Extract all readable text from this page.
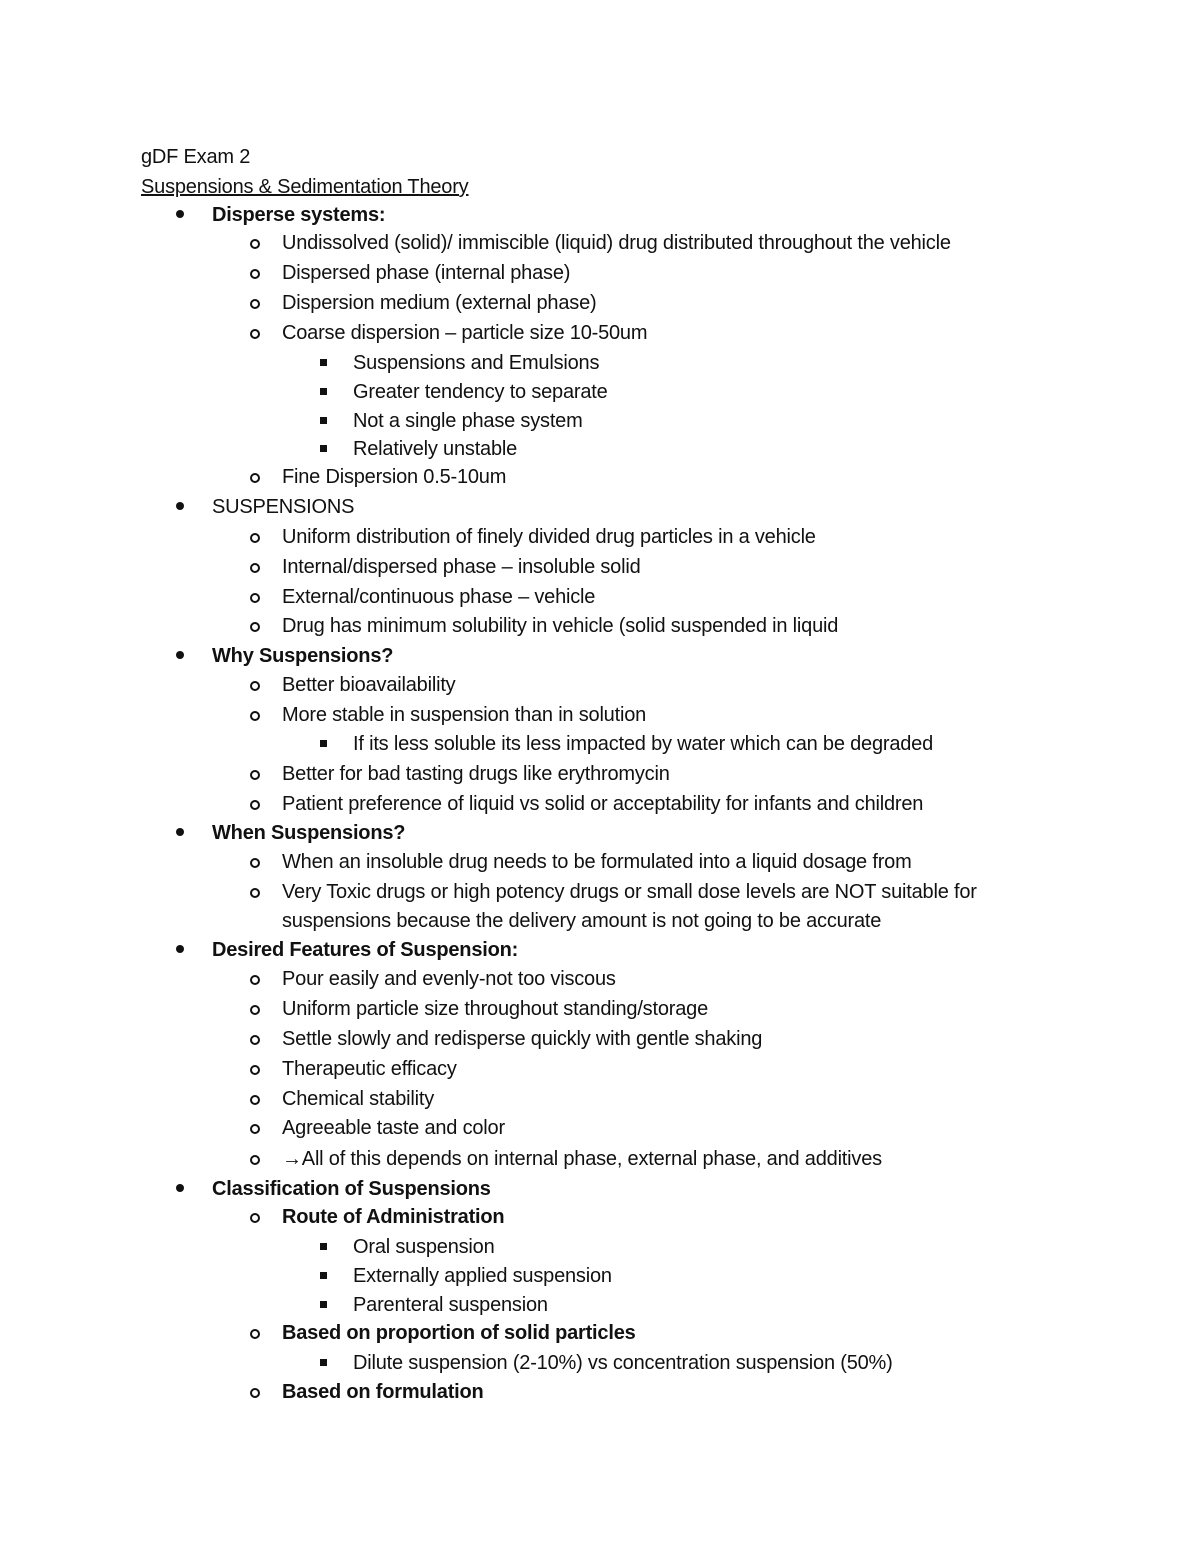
gDF Exam 2
Suspensions & Sedimentation Theory
Disperse systems:
Undissolved (solid)/ immiscible (liquid) drug distributed throughout the vehicle
Dispersed phase (internal phase)
Dispersion medium (external phase)
Coarse dispersion – particle size 10-50um
Suspensions and Emulsions
Greater tendency to separate
Not a single phase system
Relatively unstable
Fine Dispersion 0.5-10um
SUSPENSIONS
Uniform distribution of finely divided drug particles in a vehicle
Internal/dispersed phase – insoluble solid
External/continuous phase – vehicle
Drug has minimum solubility in vehicle (solid suspended in liquid
Why Suspensions?
Better bioavailability
More stable in suspension than in solution
If its less soluble its less impacted by water which can be degraded
Better for bad tasting drugs like erythromycin
Patient preference of liquid vs solid or acceptability for infants and children
When Suspensions?
When an insoluble drug needs to be formulated into a liquid dosage from
Very Toxic drugs or high potency drugs or small dose levels are NOT suitable for
suspensions because the delivery amount is not going to be accurate
Desired Features of Suspension:
Pour easily and evenly-not too viscous
Uniform particle size throughout standing/storage
Settle slowly and redisperse quickly with gentle shaking
Therapeutic efficacy
Chemical stability
Agreeable taste and color
→All of this depends on internal phase, external phase, and additives
Classification of Suspensions
Route of Administration
Oral suspension
Externally applied suspension
Parenteral suspension
Based on proportion of solid particles
Dilute suspension (2-10%) vs concentration suspension (50%)
Based on formulation
